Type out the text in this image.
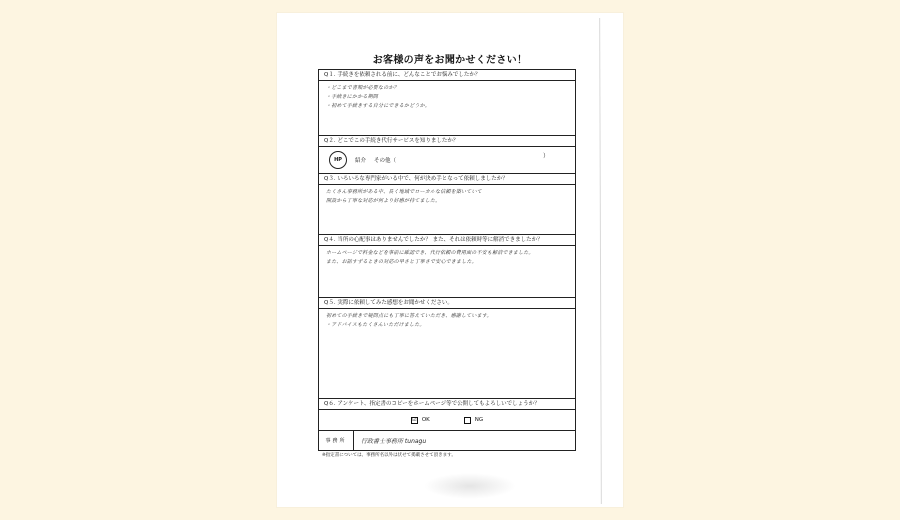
お客様の声をお聞かせください！
Q１. 手続きを依頼される前に、どんなことでお悩みでしたか？
・どこまで書類が必要なのか？
・手続きにかかる期間
・初めて手続きする自分にできるかどうか。
Q２. どこでこの手続き代行サービスを知りましたか？
HP	紹介 その他（
）
Q３. いろいろな専門家がいる中で、何が決め手となって依頼しましたか？
たくさん事務所がある中、長く地域でローカルな信頼を築いていて
開設から丁寧な対応が何より好感が持てました。
Q４. 当所の心配事はありませんでしたか？ また、それは依頼時等に解消できましたか？
ホームページで料金などを事前に確認でき、代行依頼の費用面の不安も解消できました。
また、お話すずるときの対応の早さと丁寧さで安心できました。
Q５. 実際に依頼してみた感想をお聞かせください。
初めての手続きで疑問点にも丁寧に答えていただき、感謝しています。
・アドバイスもたくさんいただけました。
Q６. アンケート、指定書のコピーをホームページ等で公開してもよろしいでしょうか？
☑ OK	NG
事務所	行政書士事務所 tunagu
※指定書については、事務所名以外は伏せて掲載させて頂きます。
